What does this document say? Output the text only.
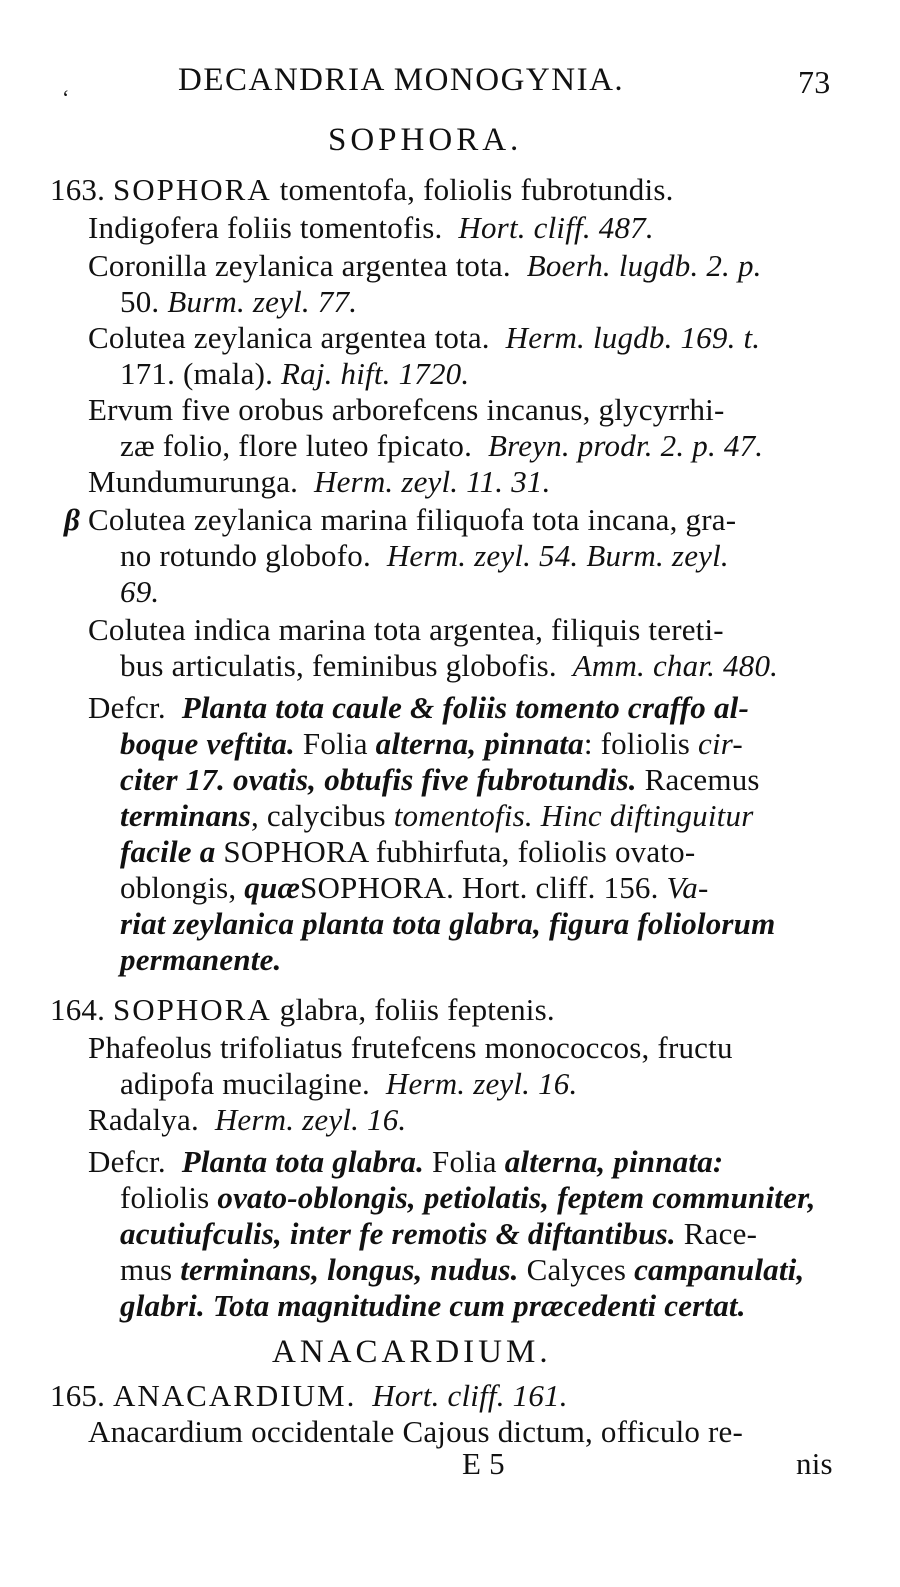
ʻ	DECANDRIA MONOGYNIA.	73
SOPHORA.
163. SOPHORA tomentofa, foliolis fubrotundis.
Indigofera foliis tomentofis. Hort. cliff. 487.
Coronilla zeylanica argentea tota. Boerh. lugdb. 2. p.
50. Burm. zeyl. 77.
Colutea zeylanica argentea tota. Herm. lugdb. 169. t.
171. (mala). Raj. hift. 1720.
Ervum five orobus arborefcens incanus, glycyrrhi-
zæ folio, flore luteo fpicato. Breyn. prodr. 2. p. 47.
Mundumurunga. Herm. zeyl. 11. 31.
β Colutea zeylanica marina filiquofa tota incana, gra-
no rotundo globofo. Herm. zeyl. 54. Burm. zeyl.
69.
Colutea indica marina tota argentea, filiquis tereti-
bus articulatis, feminibus globofis. Amm. char. 480.
Defcr. Planta tota caule & foliis tomento craffo al-
boque veftita. Folia alterna, pinnata: foliolis cir-
citer 17. ovatis, obtufis five fubrotundis. Racemus
terminans, calycibus tomentofis. Hinc diftinguitur
facile a SOPHORA fubhirfuta, foliolis ovato-
oblongis, quæSOPHORA. Hort. cliff. 156. Va-
riat zeylanica planta tota glabra, figura foliolorum
permanente.
164. SOPHORA glabra, foliis feptenis.
Phafeolus trifoliatus frutefcens monococcos, fructu
adipofa mucilagine. Herm. zeyl. 16.
Radalya. Herm. zeyl. 16.
Defcr. Planta tota glabra. Folia alterna, pinnata:
foliolis ovato-oblongis, petiolatis, feptem communiter,
acutiufculis, inter fe remotis & diftantibus. Race-
mus terminans, longus, nudus. Calyces campanulati,
glabri. Tota magnitudine cum præcedenti certat.
ANACARDIUM.
165. ANACARDIUM. Hort. cliff. 161.
Anacardium occidentale Cajous dictum, officulo re-
E 5	nis
